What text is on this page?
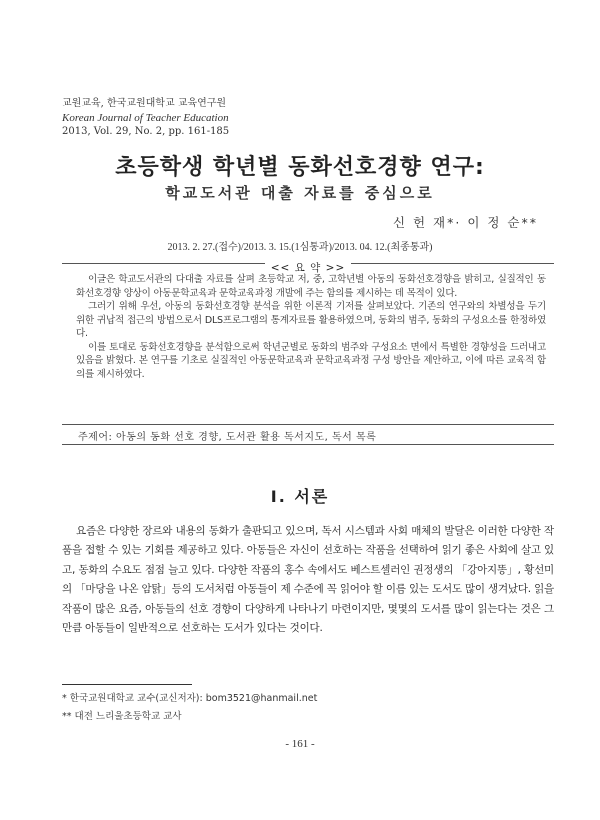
교원교육, 한국교원대학교 교육연구원
Korean Journal of Teacher Education
2013, Vol. 29, No. 2, pp. 161-185
초등학생 학년별 동화선호경향 연구:
학교도서관 대출 자료를 중심으로
신 헌 재*· 이 정 순**
2013. 2. 27.(접수)/2013. 3. 15.(1심통과)/2013. 04. 12.(최종통과)
<< 요 약 >>

이글은 학교도서관의 다대출 자료를 살펴 초등학교 저, 중, 고학년별 아동의 동화선호경향을 밝히고, 실질적인 동화선호경향 양상이 아동문학교육과 문학교육과정 개발에 주는 함의를 제시하는 데 목적이 있다.

그러기 위해 우선, 아동의 동화선호경향 분석을 위한 이론적 기저를 살펴보았다. 기존의 연구와의 차별성을 두기 위한 귀납적 접근의 방법으로서 DLS프로그램의 통계자료를 활용하였으며, 동화의 범주, 동화의 구성요소를 한정하였다.

이를 토대로 동화선호경향을 분석함으로써 학년군별로 동화의 범주와 구성요소 면에서 특별한 경향성을 드러내고 있음을 밝혔다. 본 연구를 기초로 실질적인 아동문학교육과 문학교육과정 구성 방안을 제안하고, 이에 따른 교육적 함의를 제시하였다.

주제어: 아동의 동화 선호 경향, 도서관 활용 독서지도, 독서 목록
Ⅰ. 서론

요즘은 다양한 장르와 내용의 동화가 출판되고 있으며, 독서 시스템과 사회 매체의 발달은 이러한 다양한 작품을 접할 수 있는 기회를 제공하고 있다. 아동들은 자신이 선호하는 작품을 선택하여 읽기 좋은 사회에 살고 있고, 동화의 수요도 점점 늘고 있다. 다양한 작품의 홍수 속에서도 베스트셀러인 권정생의 「강아지똥」, 황선미의 「마당을 나온 암탉」등의 도서처럼 아동들이 제 수준에 꼭 읽어야 할 이름 있는 도서도 많이 생겨났다. 읽을 작품이 많은 요즘, 아동들의 선호 경향이 다양하게 나타나기 마련이지만, 몇몇의 도서를 많이 읽는다는 것은 그만큼 아동들이 일반적으로 선호하는 도서가 있다는 것이다.

* 한국교원대학교 교수(교신저자): bom3521@hanmail.net
** 대전 느리울초등학교 교사
- 161 -
